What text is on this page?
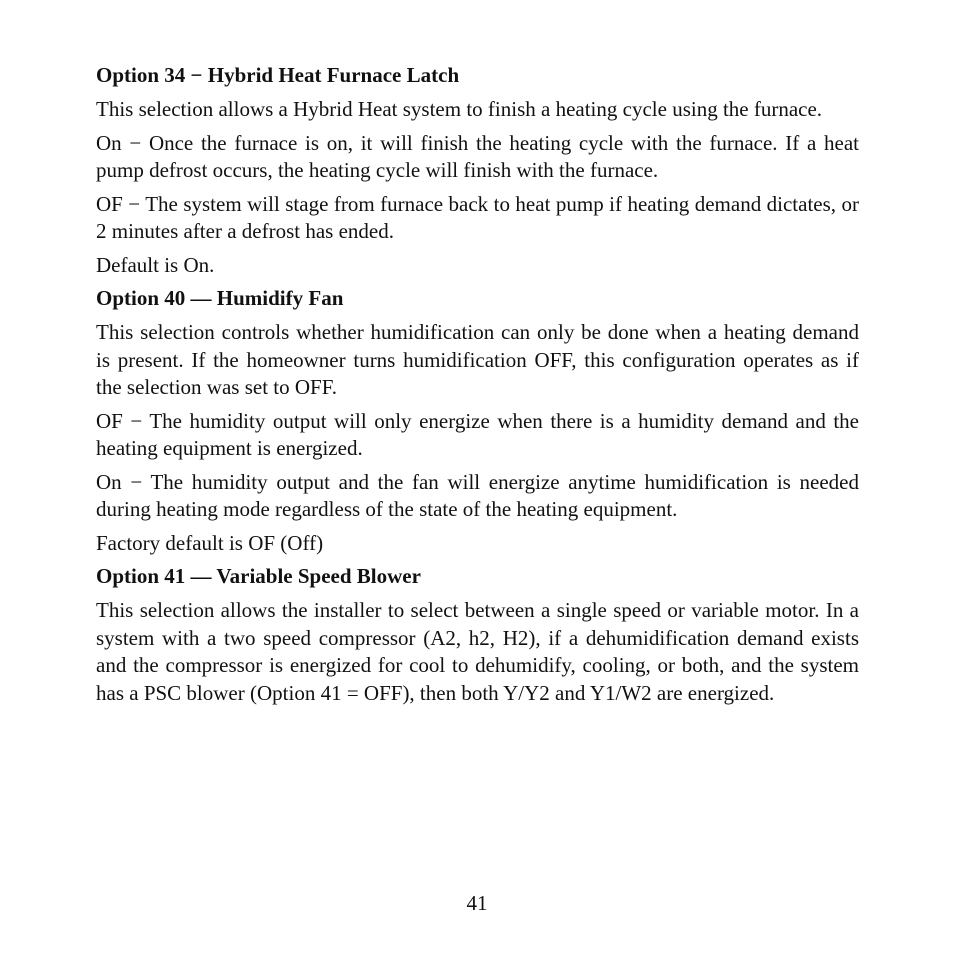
Option 34 − Hybrid Heat Furnace Latch

This selection allows a Hybrid Heat system to finish a heating cycle using the furnace.

On − Once the furnace is on, it will finish the heating cycle with the furnace. If a heat pump defrost occurs, the heating cycle will finish with the furnace.

OF − The system will stage from furnace back to heat pump if heating demand dictates, or 2 minutes after a defrost has ended.

Default is On.

Option 40 — Humidify Fan

This selection controls whether humidification can only be done when a heating demand is present. If the homeowner turns humidification OFF, this configuration operates as if the selection was set to OFF.

OF − The humidity output will only energize when there is a humidity demand and the heating equipment is energized.

On − The humidity output and the fan will energize anytime humidification is needed during heating mode regardless of the state of the heating equipment.

Factory default is OF (Off)

Option 41 — Variable Speed Blower

This selection allows the installer to select between a single speed or variable motor. In a system with a two speed compressor (A2, h2, H2), if a dehumidification demand exists and the compressor is energized for cool to dehumidify, cooling, or both, and the system has a PSC blower (Option 41 = OFF), then both Y/Y2 and Y1/W2 are energized.

41
